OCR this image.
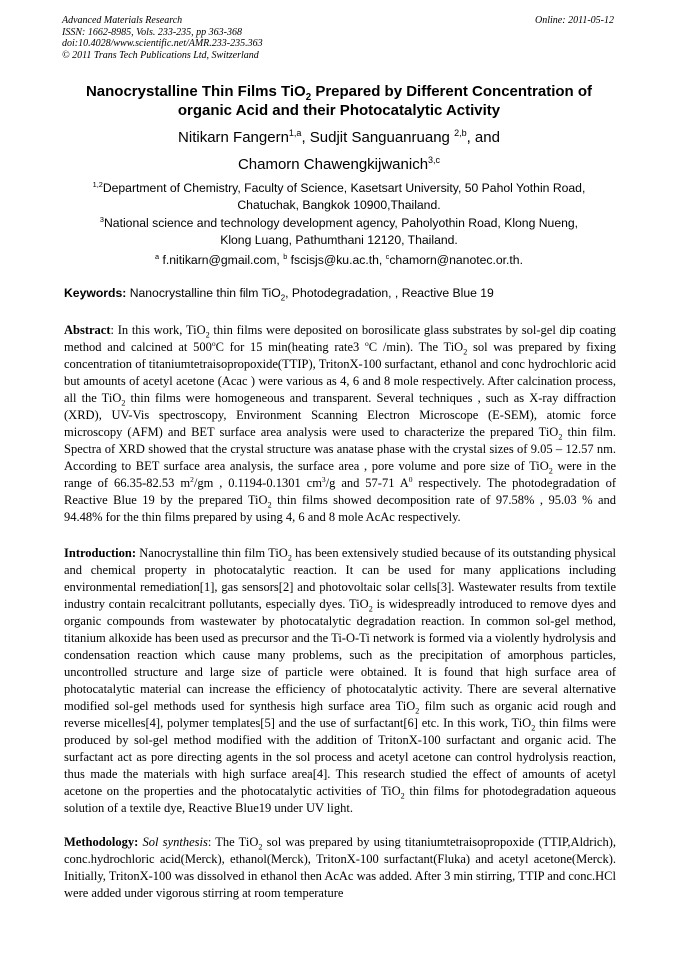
Advanced Materials Research
ISSN: 1662-8985, Vols. 233-235, pp 363-368
doi:10.4028/www.scientific.net/AMR.233-235.363
© 2011 Trans Tech Publications Ltd, Switzerland
Online: 2011-05-12
Nanocrystalline Thin Films TiO$_2$ Prepared by Different Concentration of
organic Acid and their Photocatalytic Activity
Nitikarn Fangern$^{1,a}$, Sudjit Sanguanruang $^{2,b}$, and
Chamorn Chawengkijwanich$^{3,c}$
$^{1,2}$Department of Chemistry, Faculty of Science, Kasetsart University, 50 Pahol Yothin Road,
Chatuchak, Bangkok 10900,Thailand.
$^3$National science and technology development agency, Paholyothin Road, Klong Nueng,
Klong Luang, Pathumthani 12120, Thailand.
$^a$ f.nitikarn@gmail.com, $^b$ fscisjs@ku.ac.th, $^c$chamorn@nanotec.or.th.
Keywords: Nanocrystalline thin film TiO$_2$, Photodegradation, , Reactive Blue 19
Abstract: In this work, TiO$_2$ thin films were deposited on borosilicate glass substrates by sol-gel dip coating method and calcined at 500$^o$C for 15 min(heating rate3 $^o$C /min). The TiO$_2$ sol was prepared by fixing concentration of titaniumtetraisopropoxide(TTIP), TritonX-100 surfactant, ethanol and conc hydrochloric acid but amounts of acetyl acetone (Acac ) were various as 4, 6 and 8 mole respectively. After calcination process, all the TiO$_2$ thin films were homogeneous and transparent. Several techniques , such as X-ray diffraction (XRD), UV-Vis spectroscopy, Environment Scanning Electron Microscope (E-SEM), atomic force microscopy (AFM) and BET surface area analysis were used to characterize the prepared TiO$_2$ thin film. Spectra of XRD showed that the crystal structure was anatase phase with the crystal sizes of 9.05 – 12.57 nm. According to BET surface area analysis, the surface area , pore volume and pore size of TiO$_2$ were in the range of 66.35-82.53 $m^2/gm$ , 0.1194-0.1301 $cm^3/g$ and 57-71 $A^0$ respectively. The photodegradation of Reactive Blue 19 by the prepared TiO$_2$ thin films showed decomposition rate of 97.58% , 95.03 % and 94.48% for the thin films prepared by using 4, 6 and 8 mole AcAc respectively.
Introduction: Nanocrystalline thin film TiO$_2$ has been extensively studied because of its outstanding physical and chemical property in photocatalytic reaction. It can be used for many applications including environmental remediation[1], gas sensors[2] and photovoltaic solar cells[3]. Wastewater results from textile industry contain recalcitrant pollutants, especially dyes. TiO$_2$ is widespreadly introduced to remove dyes and organic compounds from wastewater by photocatalytic degradation reaction. In common sol-gel method, titanium alkoxide has been used as precursor and the Ti-O-Ti network is formed via a violently hydrolysis and condensation reaction which cause many problems, such as the precipitation of amorphous particles, uncontrolled structure and large size of particle were obtained. It is found that high surface area of photocatalytic material can increase the efficiency of photocatalytic activity. There are several alternative modified sol-gel methods used for synthesis high surface area TiO$_2$ film such as organic acid rough and reverse micelles[4], polymer templates[5] and the use of surfactant[6] etc. In this work, TiO$_2$ thin films were produced by sol-gel method modified with the addition of TritonX-100 surfactant and organic acid. The surfactant act as pore directing agents in the sol process and acetyl acetone can control hydrolysis reaction, thus made the materials with high surface area[4]. This research studied the effect of amounts of acetyl acetone on the properties and the photocatalytic activities of TiO$_2$ thin films for photodegradation aqueous solution of a textile dye, Reactive Blue19 under UV light.
Methodology: Sol synthesis: The TiO$_2$ sol was prepared by using titaniumtetraisopropoxide (TTIP,Aldrich), conc.hydrochloric acid(Merck), ethanol(Merck), TritonX-100 surfactant(Fluka) and acetyl acetone(Merck). Initially, TritonX-100 was dissolved in ethanol then AcAc was added. After 3 min stirring, TTIP and conc.HCl were added under vigorous stirring at room temperature
